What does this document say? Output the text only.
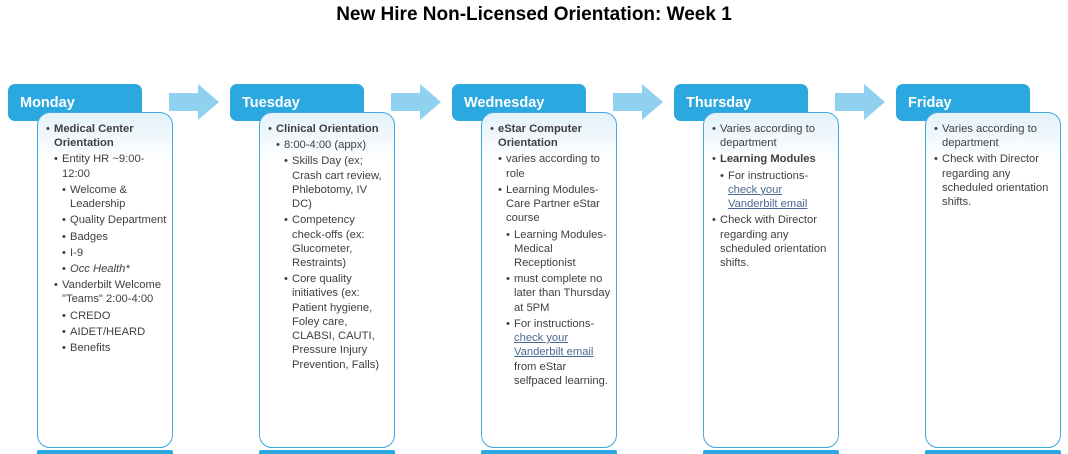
New Hire Non-Licensed Orientation: Week 1
Monday
• Medical Center Orientation
• Entity HR ~9:00-12:00
• Welcome & Leadership
• Quality Department
• Badges
• I-9
• Occ Health*
• Vanderbilt Welcome "Teams" 2:00-4:00
• CREDO
• AIDET/HEARD
• Benefits
Tuesday
• Clinical Orientation
• 8:00-4:00 (appx)
• Skills Day (ex; Crash cart review, Phlebotomy, IV DC)
• Competency check-offs (ex: Glucometer, Restraints)
• Core quality initiatives (ex: Patient hygiene, Foley care, CLABSI, CAUTI, Pressure Injury Prevention, Falls)
Wednesday
• eStar Computer Orientation
• varies according to role
• Learning Modules- Care Partner eStar course
• Learning Modules- Medical Receptionist
• must complete no later than Thursday at 5PM
• For instructions- check your Vanderbilt email from eStar selfpaced learning.
Thursday
• Varies according to department
• Learning Modules
• For instructions- check your Vanderbilt email
• Check with Director regarding any scheduled orientation shifts.
Friday
• Varies according to department
• Check with Director regarding any scheduled orientation shifts.
